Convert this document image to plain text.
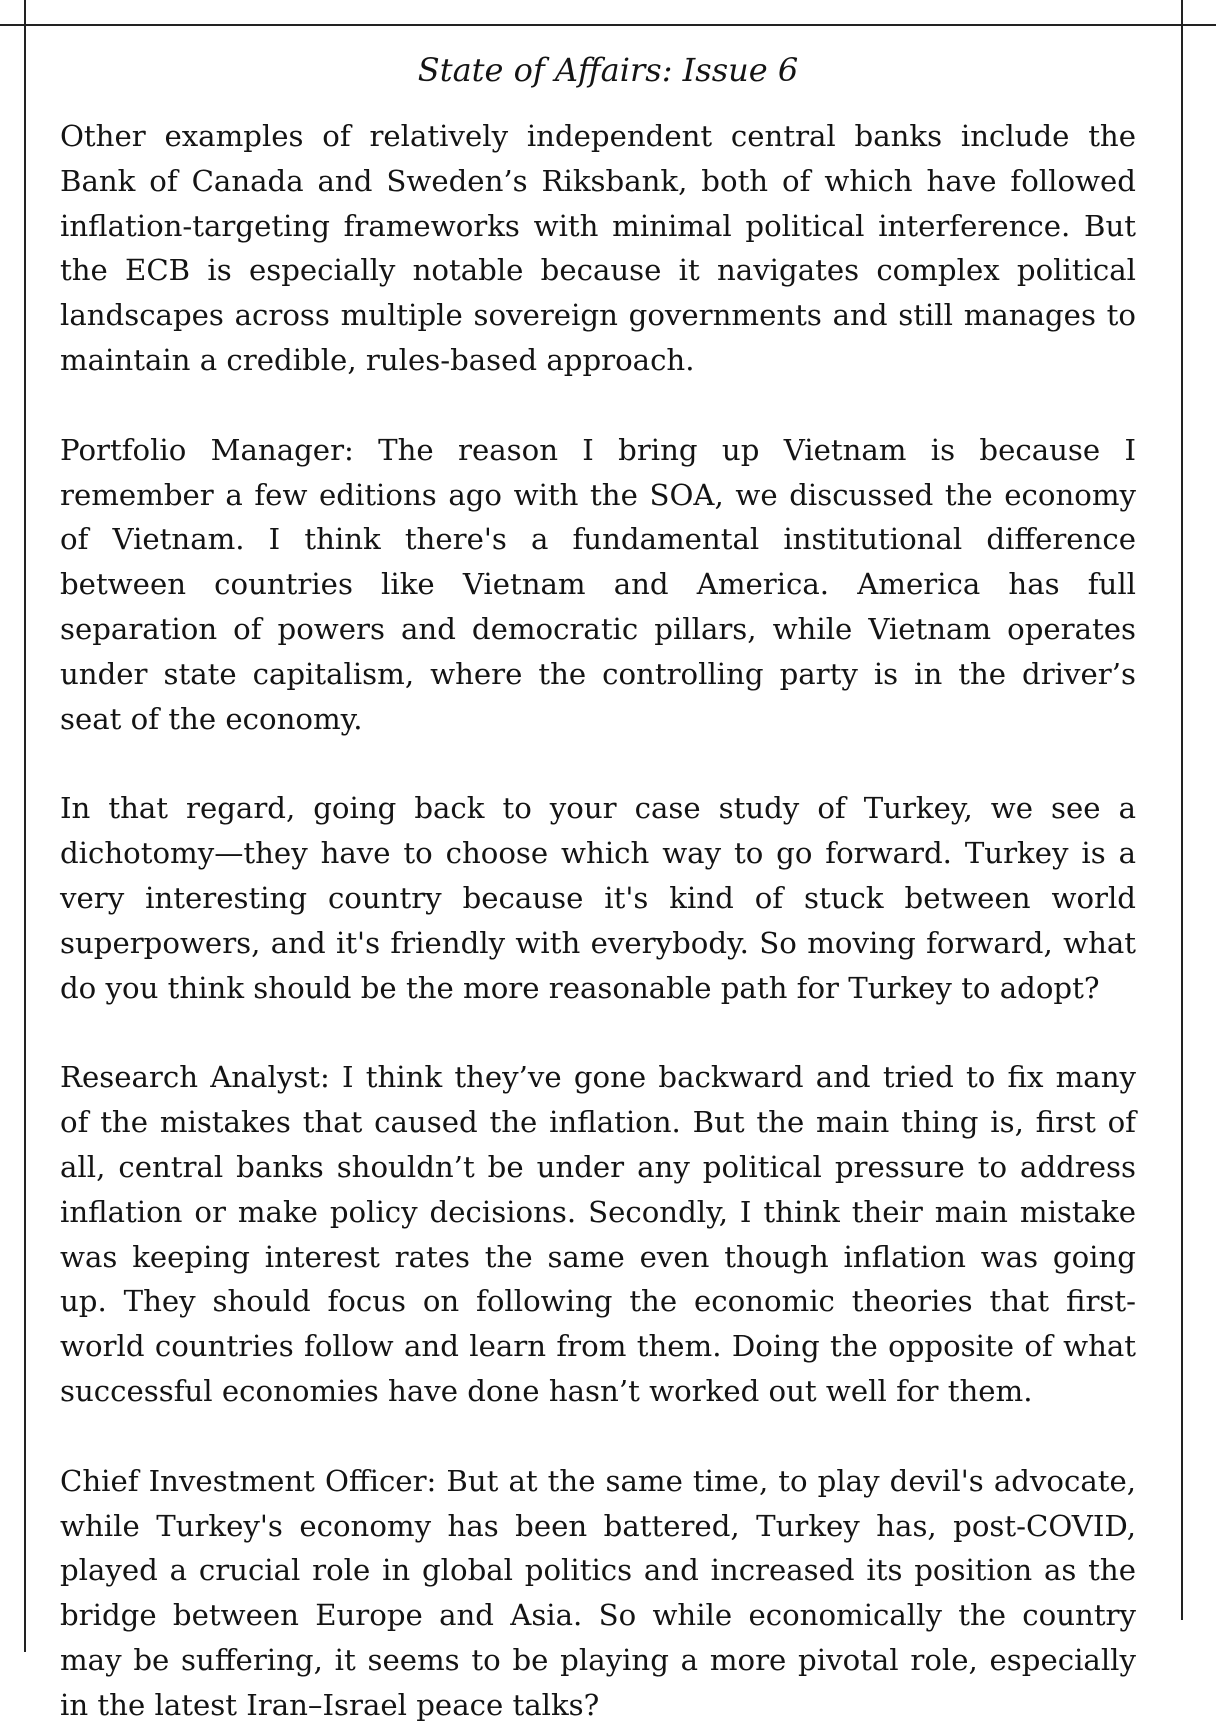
State of Affairs: Issue 6

Other examples of relatively independent central banks include the Bank of Canada and Sweden’s Riksbank, both of which have followed inflation-targeting frameworks with minimal political interference. But the ECB is especially notable because it navigates complex political landscapes across multiple sovereign governments and still manages to maintain a credible, rules-based approach.

Portfolio Manager: The reason I bring up Vietnam is because I remember a few editions ago with the SOA, we discussed the economy of Vietnam. I think there's a fundamental institutional difference between countries like Vietnam and America. America has full separation of powers and democratic pillars, while Vietnam operates under state capitalism, where the controlling party is in the driver’s seat of the economy.

In that regard, going back to your case study of Turkey, we see a dichotomy—they have to choose which way to go forward. Turkey is a very interesting country because it's kind of stuck between world superpowers, and it's friendly with everybody. So moving forward, what do you think should be the more reasonable path for Turkey to adopt?

Research Analyst: I think they’ve gone backward and tried to fix many of the mistakes that caused the inflation. But the main thing is, first of all, central banks shouldn’t be under any political pressure to address inflation or make policy decisions. Secondly, I think their main mistake was keeping interest rates the same even though inflation was going up. They should focus on following the economic theories that first-world countries follow and learn from them. Doing the opposite of what successful economies have done hasn’t worked out well for them.

Chief Investment Officer: But at the same time, to play devil's advocate, while Turkey's economy has been battered, Turkey has, post-COVID, played a crucial role in global politics and increased its position as the bridge between Europe and Asia. So while economically the country may be suffering, it seems to be playing a more pivotal role, especially in the latest Iran–Israel peace talks?
